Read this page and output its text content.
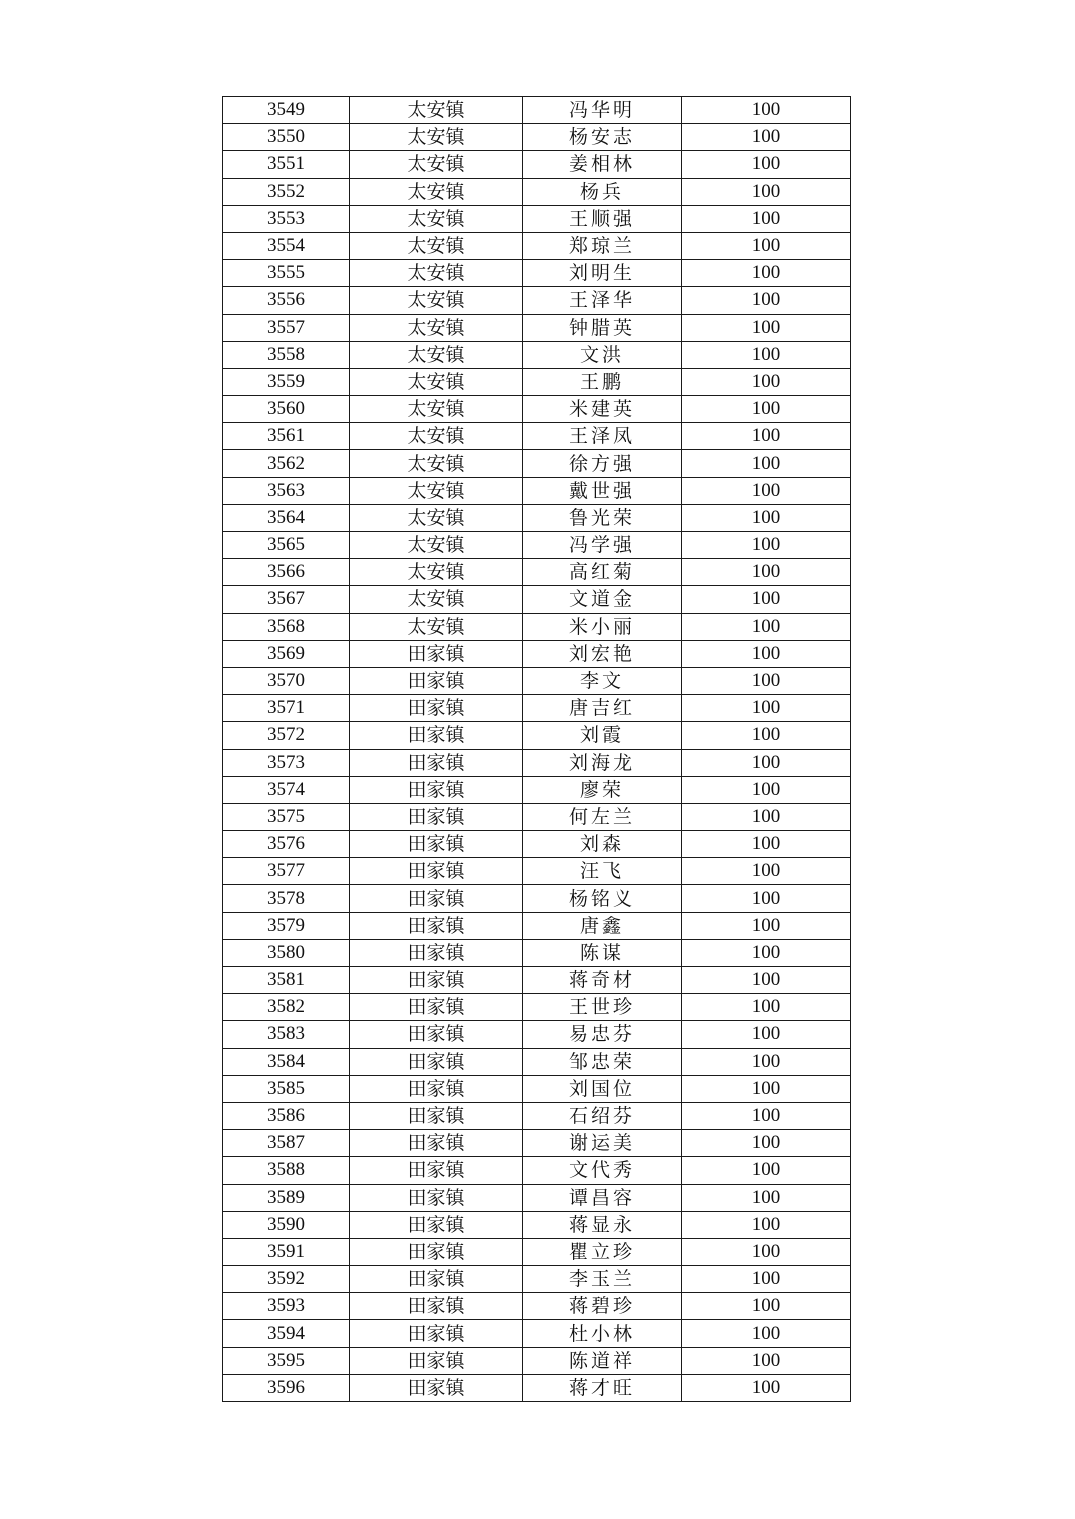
3549	太安镇	冯华明	100
3550	太安镇	杨安志	100
3551	太安镇	姜相林	100
3552	太安镇	杨兵	100
3553	太安镇	王顺强	100
3554	太安镇	郑琼兰	100
3555	太安镇	刘明生	100
3556	太安镇	王泽华	100
3557	太安镇	钟腊英	100
3558	太安镇	文洪	100
3559	太安镇	王鹏	100
3560	太安镇	米建英	100
3561	太安镇	王泽凤	100
3562	太安镇	徐方强	100
3563	太安镇	戴世强	100
3564	太安镇	鲁光荣	100
3565	太安镇	冯学强	100
3566	太安镇	高红菊	100
3567	太安镇	文道金	100
3568	太安镇	米小丽	100
3569	田家镇	刘宏艳	100
3570	田家镇	李文	100
3571	田家镇	唐吉红	100
3572	田家镇	刘霞	100
3573	田家镇	刘海龙	100
3574	田家镇	廖荣	100
3575	田家镇	何左兰	100
3576	田家镇	刘森	100
3577	田家镇	汪飞	100
3578	田家镇	杨铭义	100
3579	田家镇	唐鑫	100
3580	田家镇	陈谋	100
3581	田家镇	蒋奇材	100
3582	田家镇	王世珍	100
3583	田家镇	易忠芬	100
3584	田家镇	邹忠荣	100
3585	田家镇	刘国位	100
3586	田家镇	石绍芬	100
3587	田家镇	谢运美	100
3588	田家镇	文代秀	100
3589	田家镇	谭昌容	100
3590	田家镇	蒋显永	100
3591	田家镇	瞿立珍	100
3592	田家镇	李玉兰	100
3593	田家镇	蒋碧珍	100
3594	田家镇	杜小林	100
3595	田家镇	陈道祥	100
3596	田家镇	蒋才旺	100
